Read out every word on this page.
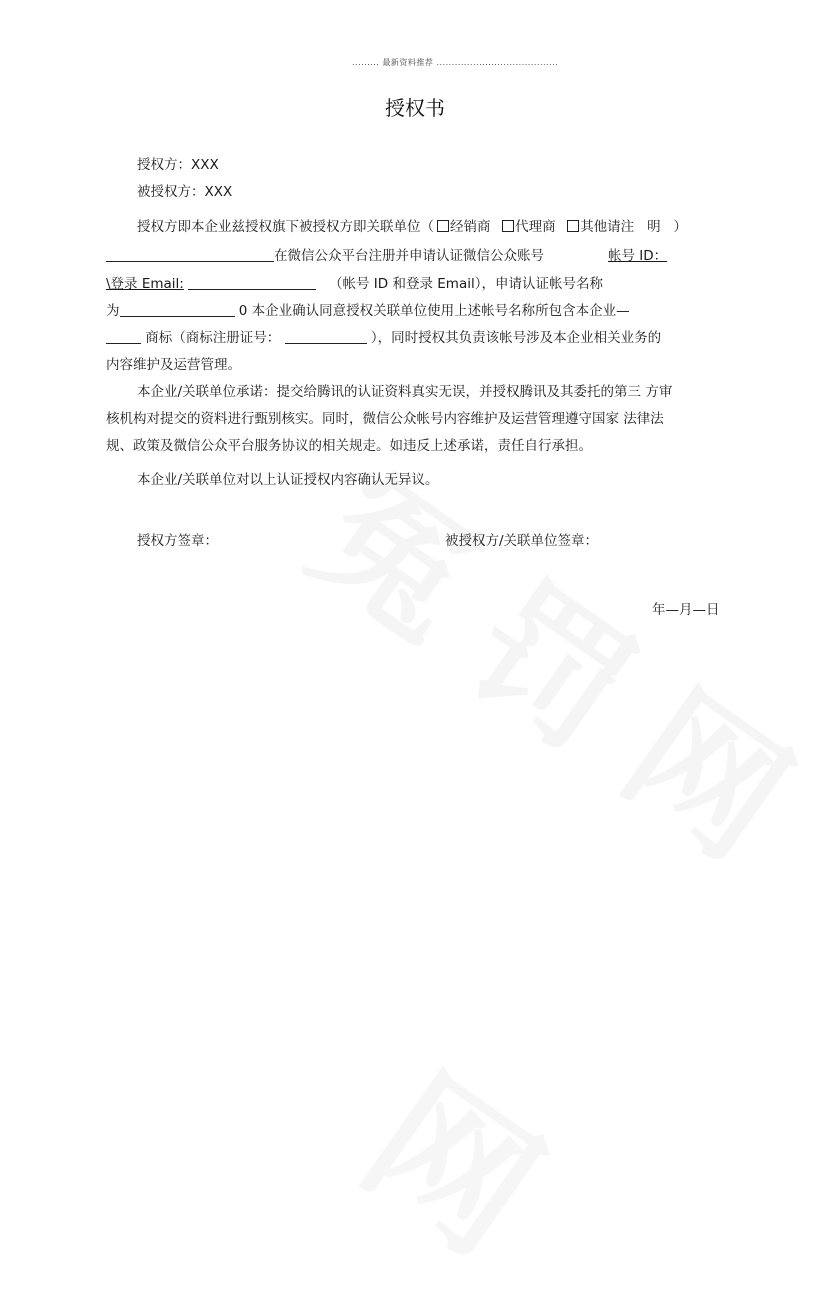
......... 最新资料推荐 ........................................
授权书
授权方：XXX
被授权方：XXX
授权方即本企业兹授权旗下被授权方即关联单位（ 经销商 代理商 其他请注 明 ）
在微信公众平台注册并申请认证微信公众账号	帐号 ID：
\登录 Email:	（帐号 ID 和登录 Email），申请认证帐号名称
为	0 本企业确认同意授权关联单位使用上述帐号名称所包含本企业—
商标（商标注册证号：	），同时授权其负责该帐号涉及本企业相关业务的
内容维护及运营管理。
本企业/关联单位承诺：提交给腾讯的认证资料真实无误，并授权腾讯及其委托的第三 方审
核机构对提交的资料进行甄别核实。同时，微信公众帐号内容维护及运营管理遵守国家 法律法
规、政策及微信公众平台服务协议的相关规走。如违反上述承诺，责任自行承担。
本企业/关联单位对以上认证授权内容确认无异议。
授权方签章：	被授权方/关联单位签章：
年—月—日
